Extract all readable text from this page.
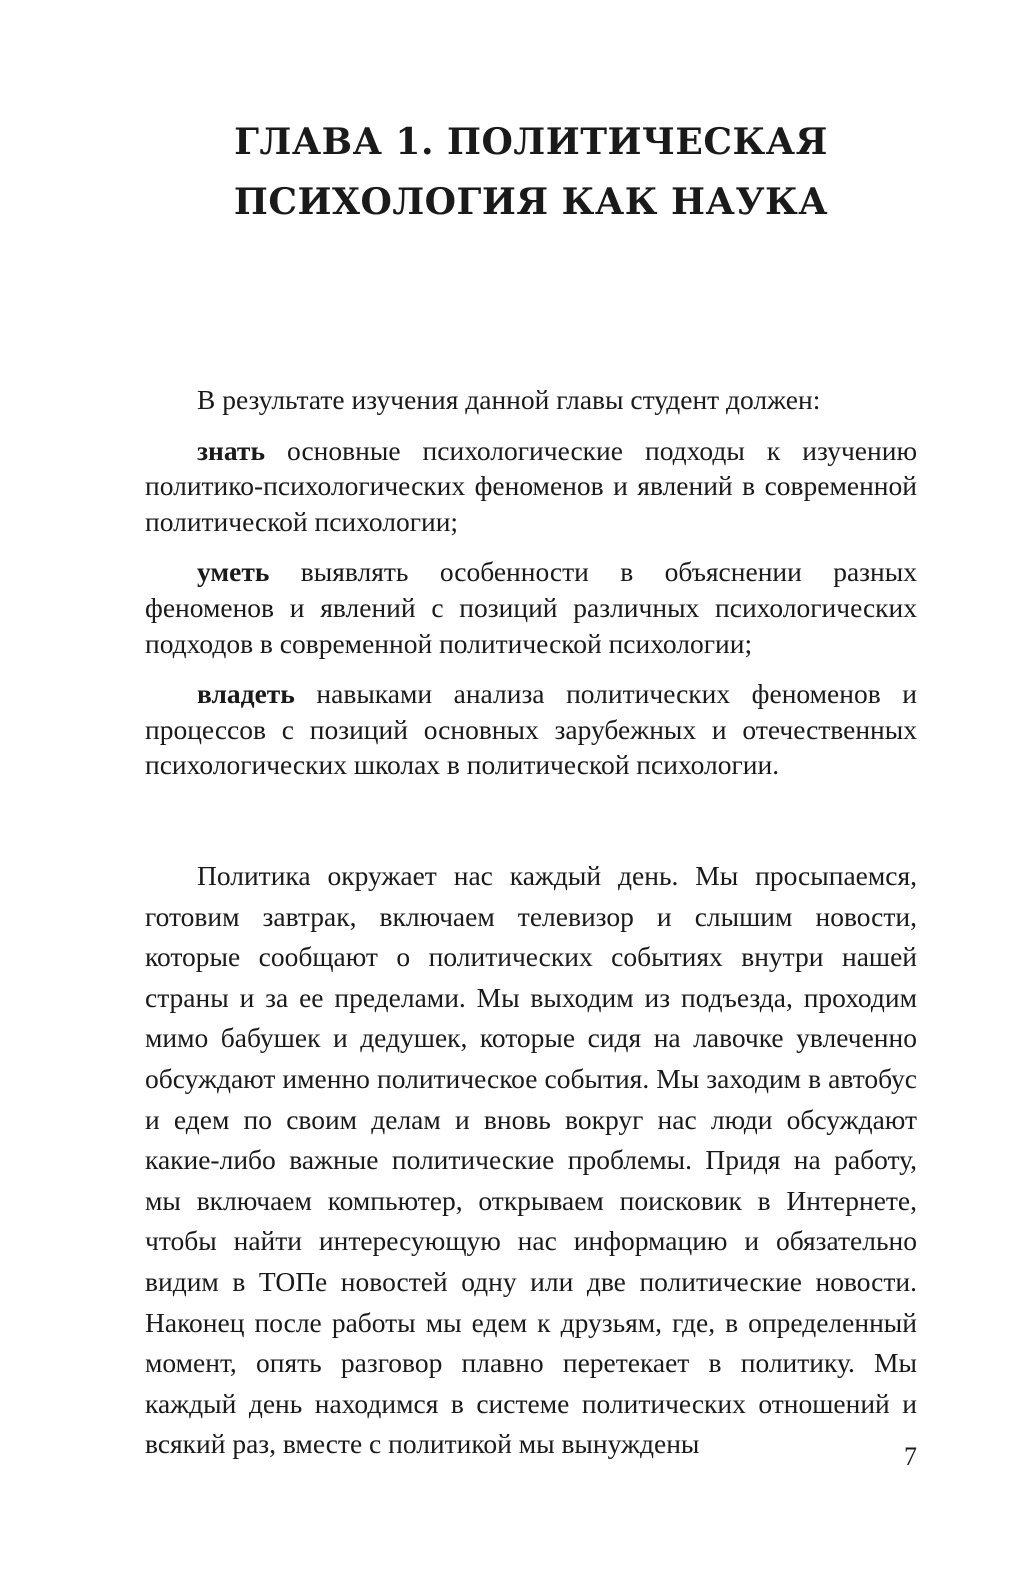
ГЛАВА 1. ПОЛИТИЧЕСКАЯ
ПСИХОЛОГИЯ КАК НАУКА

В результате изучения данной главы студент должен:

знать основные психологические подходы к изучению политико-психологических феноменов и явлений в современной политической психологии;

уметь выявлять особенности в объяснении разных феноменов и явлений с позиций различных психологических подходов в современной политической психологии;

владеть навыками анализа политических феноменов и процессов с позиций основных зарубежных и отечественных психологических школах в политической психологии.

Политика окружает нас каждый день. Мы просыпаемся, готовим завтрак, включаем телевизор и слышим новости, которые сообщают о политических событиях внутри нашей страны и за ее пределами. Мы выходим из подъезда, проходим мимо бабушек и дедушек, которые сидя на лавочке увлеченно обсуждают именно политическое события. Мы заходим в автобус и едем по своим делам и вновь вокруг нас люди обсуждают какие-либо важные политические проблемы. Придя на работу, мы включаем компьютер, открываем поисковик в Интернете, чтобы найти интересующую нас информацию и обязательно видим в ТОПе новостей одну или две политические новости. Наконец после работы мы едем к друзьям, где, в определенный момент, опять разговор плавно перетекает в политику. Мы каждый день находимся в системе политических отношений и всякий раз, вместе с политикой мы вынуждены	7
